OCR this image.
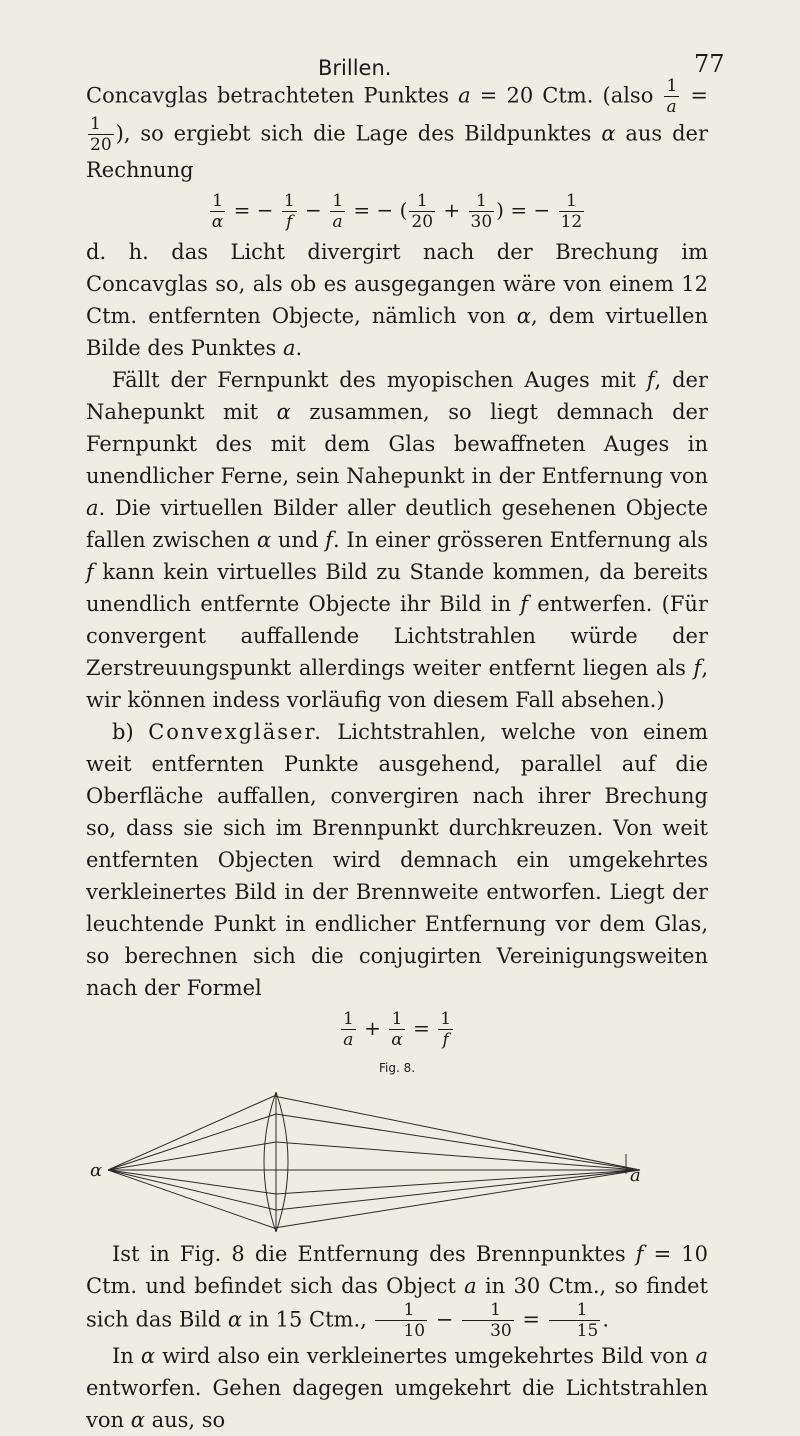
Brillen.	77

Concavglas betrachteten Punktes a = 20 Ctm. (also $\frac{1}{a}$ =
$\frac{1}{20}$ ), so ergiebt sich die Lage des Bildpunktes α aus der Rechnung

$\frac{1}{\alpha}$ = − $\frac{1}{f} - \frac{1}{a}$ = − ( $\frac{1}{20} + \frac{1}{30}$ ) = − $\frac{1}{12}$

d. h. das Licht divergirt nach der Brechung im Concavglas so, als ob es ausgegangen wäre von einem 12 Ctm. entfernten Objecte, nämlich von α, dem virtuellen Bilde des Punktes a.

Fällt der Fernpunkt des myopischen Auges mit f, der Nahepunkt mit α zusammen, so liegt demnach der Fernpunkt des mit dem Glas bewaffneten Auges in unendlicher Ferne, sein Nahepunkt in der Entfernung von a. Die virtuellen Bilder aller deutlich gesehenen Objecte fallen zwischen α und f. In einer grösseren Entfernung als f kann kein virtuelles Bild zu Stande kommen, da bereits unendlich entfernte Objecte ihr Bild in f entwerfen. (Für convergent auffallende Lichtstrahlen würde der Zerstreuungspunkt allerdings weiter entfernt liegen als f, wir können indess vorläufig von diesem Fall absehen.)

b) Convexgläser. Lichtstrahlen, welche von einem weit entfernten Punkte ausgehend, parallel auf die Oberfläche auffallen, convergiren nach ihrer Brechung so, dass sie sich im Brennpunkt durchkreuzen. Von weit entfernten Objecten wird demnach ein umgekehrtes verkleinertes Bild in der Brennweite entworfen. Liegt der leuchtende Punkt in endlicher Entfernung vor dem Glas, so berechnen sich die conjugirten Vereinigungsweiten nach der Formel

$\frac{1}{a} + \frac{1}{\alpha} = \frac{1}{f}$
Fig. 8.
α	a

Ist in Fig. 8 die Entfernung des Brennpunktes f = 10 Ctm. und befindet sich das Object a in 30 Ctm., so findet sich das Bild α in 15 Ctm., $\frac{1}{10} - \frac{1}{30} = \frac{1}{15}$ .

In α wird also ein verkleinertes umgekehrtes Bild von a entworfen. Gehen dagegen umgekehrt die Lichtstrahlen von α aus, so
